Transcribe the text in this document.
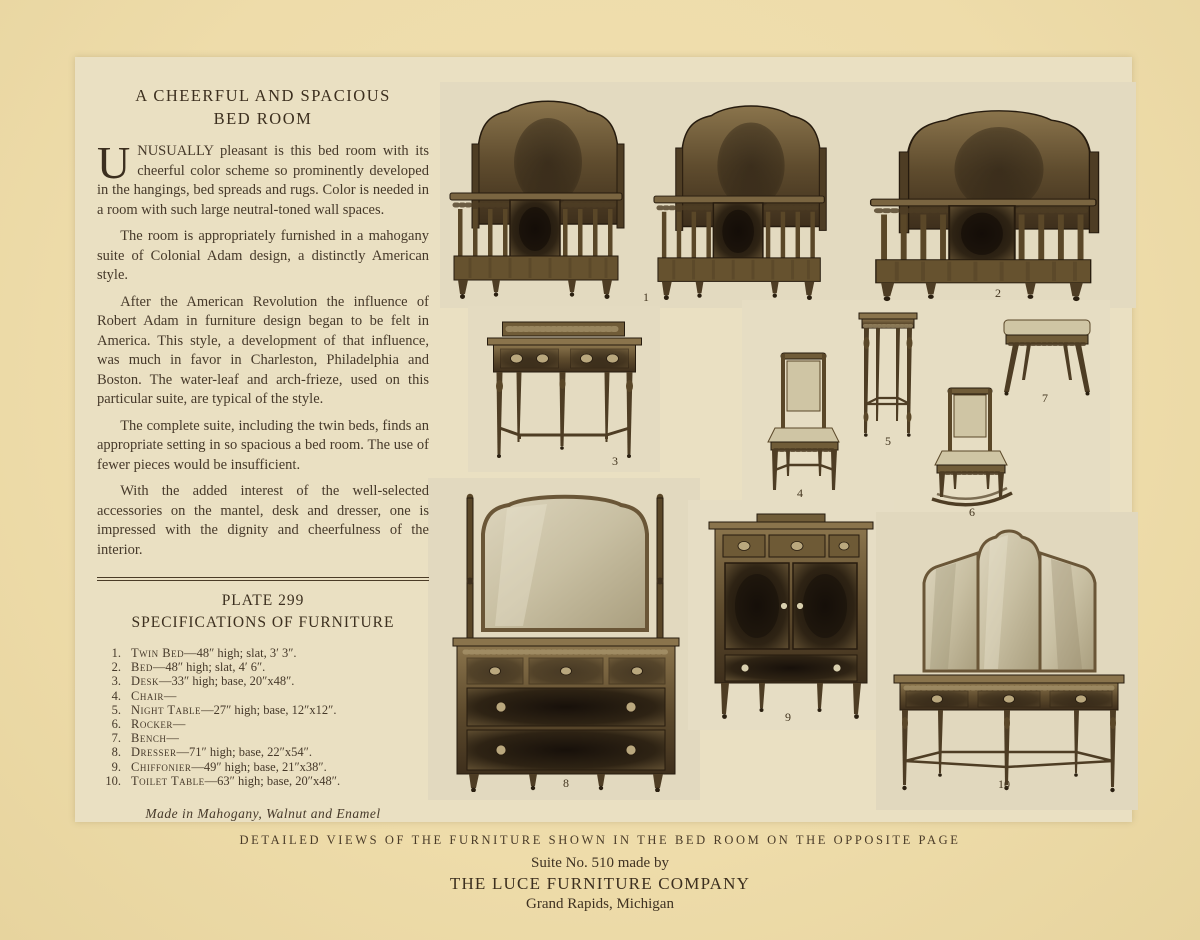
A CHEERFUL AND SPACIOUS
BED ROOM

UNUSUALLY pleasant is this bed room with its cheerful color scheme so prominently developed in the hangings, bed spreads and rugs. Color is needed in a room with such large neutral-toned wall spaces.

The room is appropriately furnished in a mahogany suite of Colonial Adam design, a distinctly American style.

After the American Revolution the influence of Robert Adam in furniture design began to be felt in America. This style, a development of that influence, was much in favor in Charleston, Philadelphia and Boston. The water-leaf and arch-frieze, used on this particular suite, are typical of the style.

The complete suite, including the twin beds, finds an appropriate setting in so spacious a bed room. The use of fewer pieces would be insufficient.

With the added interest of the well-selected accessories on the mantel, desk and dresser, one is impressed with the dignity and cheerfulness of the interior.

PLATE 299
SPECIFICATIONS OF FURNITURE
1. Twin Bed—48″ high; slat, 3′ 3″.
2. Bed—48″ high; slat, 4′ 6″.
3. Desk—33″ high; base, 20″x48″.
4. Chair—
5. Night Table—27″ high; base, 12″x12″.
6. Rocker—
7. Bench—
8. Dresser—71″ high; base, 22″x54″.
9. Chiffonier—49″ high; base, 21″x38″.
10. Toilet Table—63″ high; base, 20″x48″.
Made in Mahogany, Walnut and Enamel
1	2
3
4
5
6
7
8
9
10
DETAILED VIEWS OF THE FURNITURE SHOWN IN THE BED ROOM ON THE OPPOSITE PAGE
Suite No. 510 made by
THE LUCE FURNITURE COMPANY
Grand Rapids, Michigan
